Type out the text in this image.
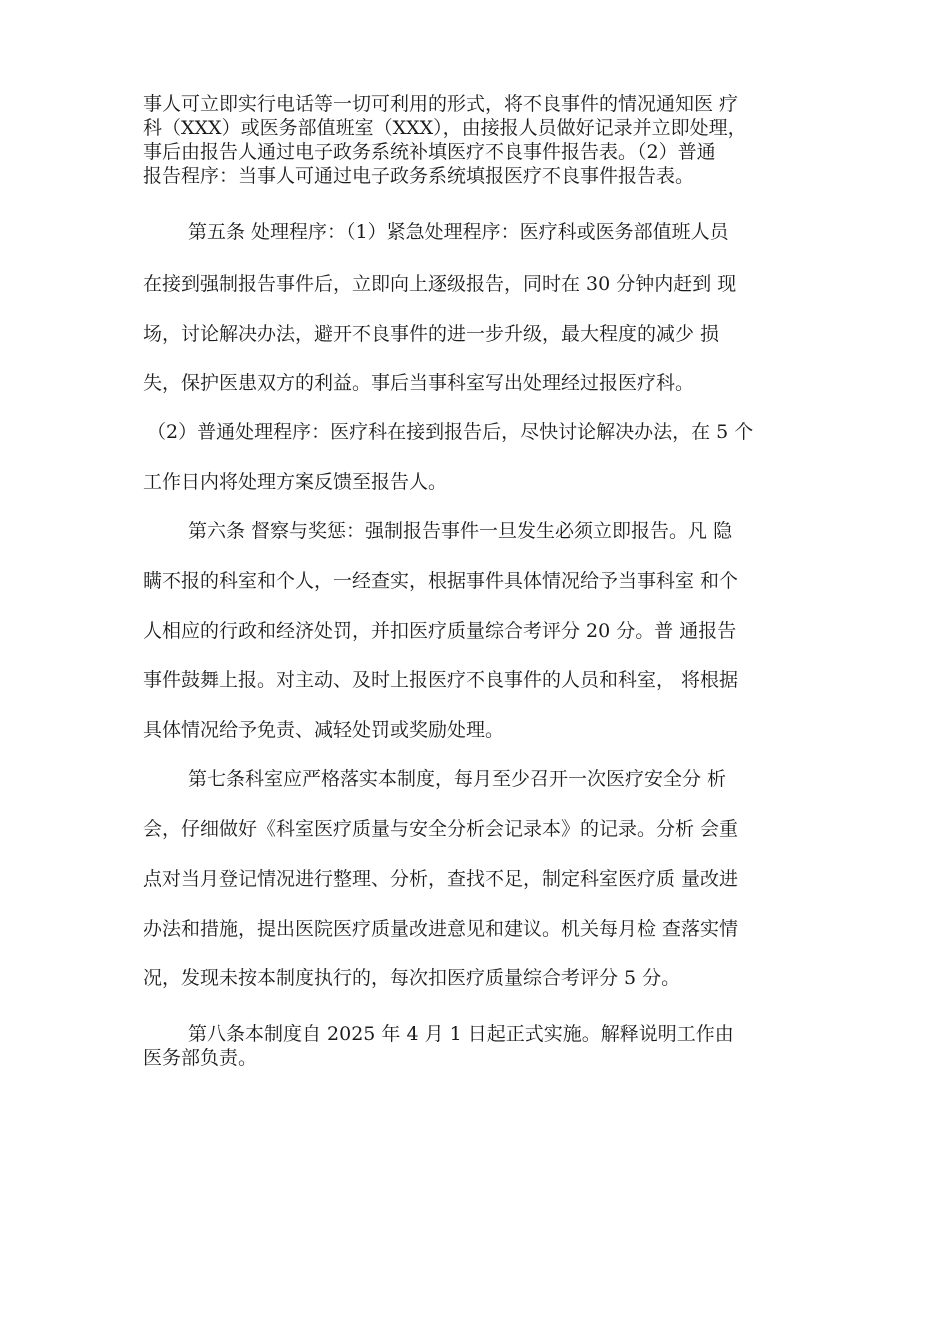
事人可立即实行电话等一切可利用的形式，将不良事件的情况通知医 疗
科（XXX）或医务部值班室（XXX），由接报人员做好记录并立即处理，
事后由报告人通过电子政务系统补填医疗不良事件报告表。（2）普通
报告程序：当事人可通过电子政务系统填报医疗不良事件报告表。
第五条 处理程序：（1）紧急处理程序：医疗科或医务部值班人员
在接到强制报告事件后，立即向上逐级报告，同时在 30 分钟内赶到 现
场，讨论解决办法，避开不良事件的进一步升级，最大程度的减少 损
失，保护医患双方的利益。事后当事科室写出处理经过报医疗科。
（2）普通处理程序：医疗科在接到报告后，尽快讨论解决办法，在 5 个
工作日内将处理方案反馈至报告人。
第六条 督察与奖惩：强制报告事件一旦发生必须立即报告。凡 隐
瞒不报的科室和个人，一经查实，根据事件具体情况给予当事科室 和个
人相应的行政和经济处罚，并扣医疗质量综合考评分 20 分。普 通报告
事件鼓舞上报。对主动、及时上报医疗不良事件的人员和科室， 将根据
具体情况给予免责、减轻处罚或奖励处理。
第七条科室应严格落实本制度，每月至少召开一次医疗安全分 析
会，仔细做好《科室医疗质量与安全分析会记录本》的记录。分析 会重
点对当月登记情况进行整理、分析，查找不足，制定科室医疗质 量改进
办法和措施，提出医院医疗质量改进意见和建议。机关每月检 查落实情
况，发现未按本制度执行的，每次扣医疗质量综合考评分 5 分。
第八条本制度自 2025 年 4 月 1 日起正式实施。解释说明工作由
医务部负责。
